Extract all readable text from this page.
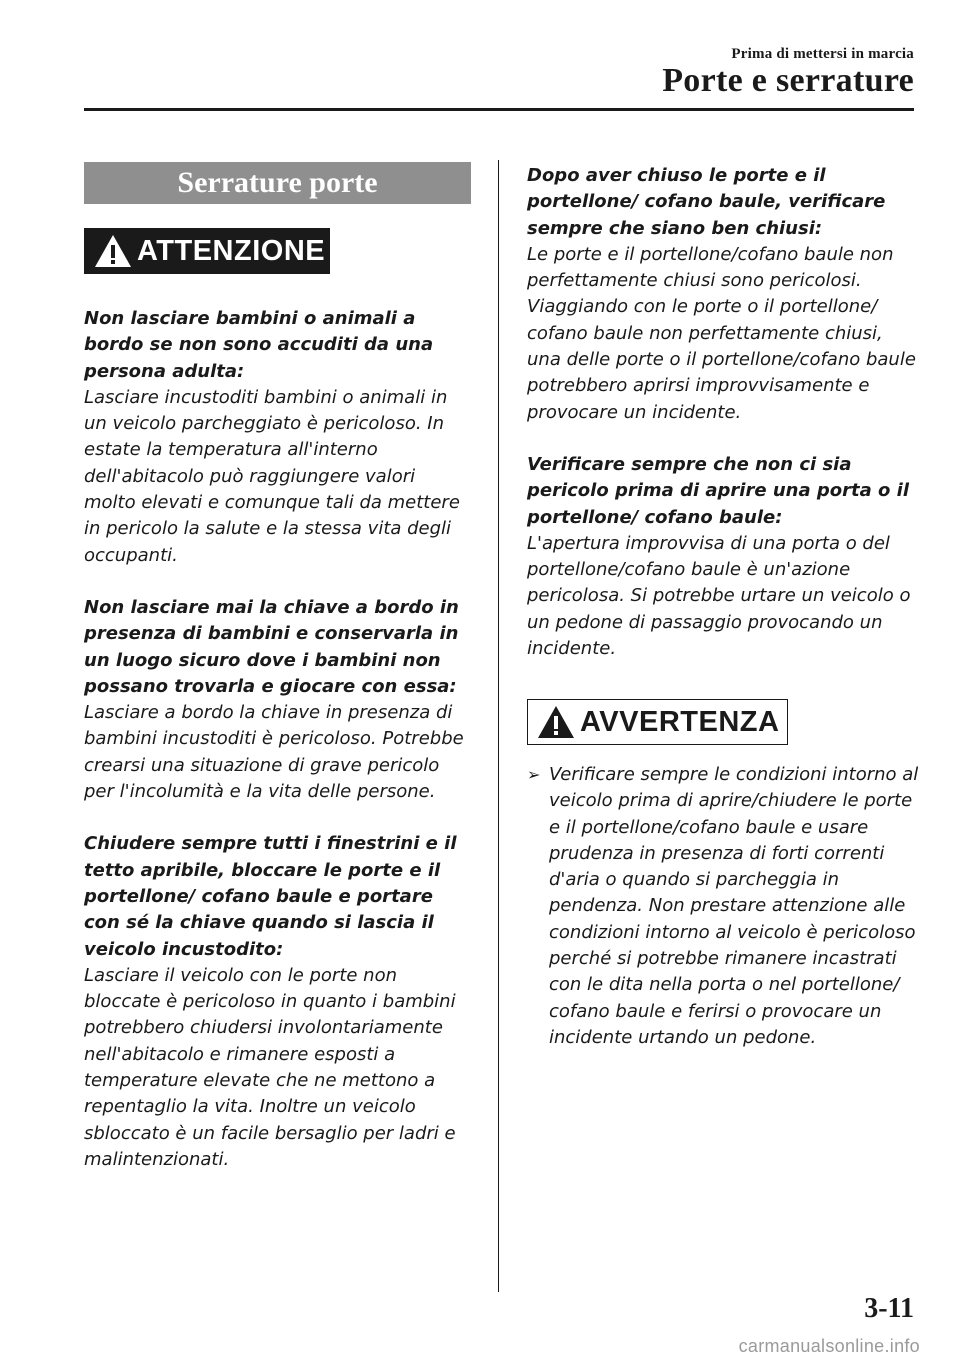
Prima di mettersi in marcia
Porte e serrature
Serrature porte
ATTENZIONE

Non lasciare bambini o animali a bordo se non sono accuditi da una persona adulta:
Lasciare incustoditi bambini o animali in un veicolo parcheggiato è pericoloso. In estate la temperatura all'interno dell'abitacolo può raggiungere valori molto elevati e comunque tali da mettere in pericolo la salute e la stessa vita degli occupanti.

Non lasciare mai la chiave a bordo in presenza di bambini e conservarla in un luogo sicuro dove i bambini non possano trovarla e giocare con essa:
Lasciare a bordo la chiave in presenza di bambini incustoditi è pericoloso. Potrebbe crearsi una situazione di grave pericolo per l'incolumità e la vita delle persone.

Chiudere sempre tutti i finestrini e il tetto apribile, bloccare le porte e il portellone/ cofano baule e portare con sé la chiave quando si lascia il veicolo incustodito:
Lasciare il veicolo con le porte non bloccate è pericoloso in quanto i bambini potrebbero chiudersi involontariamente nell'abitacolo e rimanere esposti a temperature elevate che ne mettono a repentaglio la vita. Inoltre un veicolo sbloccato è un facile bersaglio per ladri e malintenzionati.

Dopo aver chiuso le porte e il portellone/ cofano baule, verificare sempre che siano ben chiusi:
Le porte e il portellone/cofano baule non perfettamente chiusi sono pericolosi. Viaggiando con le porte o il portellone/ cofano baule non perfettamente chiusi, una delle porte o il portellone/cofano baule potrebbero aprirsi improvvisamente e provocare un incidente.

Verificare sempre che non ci sia pericolo prima di aprire una porta o il portellone/ cofano baule:
L'apertura improvvisa di una porta o del portellone/cofano baule è un'azione pericolosa. Si potrebbe urtare un veicolo o un pedone di passaggio provocando un incidente.

AVVERTENZA
➢ Verificare sempre le condizioni intorno al veicolo prima di aprire/chiudere le porte e il portellone/cofano baule e usare prudenza in presenza di forti correnti d'aria o quando si parcheggia in pendenza. Non prestare attenzione alle condizioni intorno al veicolo è pericoloso perché si potrebbe rimanere incastrati con le dita nella porta o nel portellone/ cofano baule e ferirsi o provocare un incidente urtando un pedone.
3-11
carmanualsonline.info
